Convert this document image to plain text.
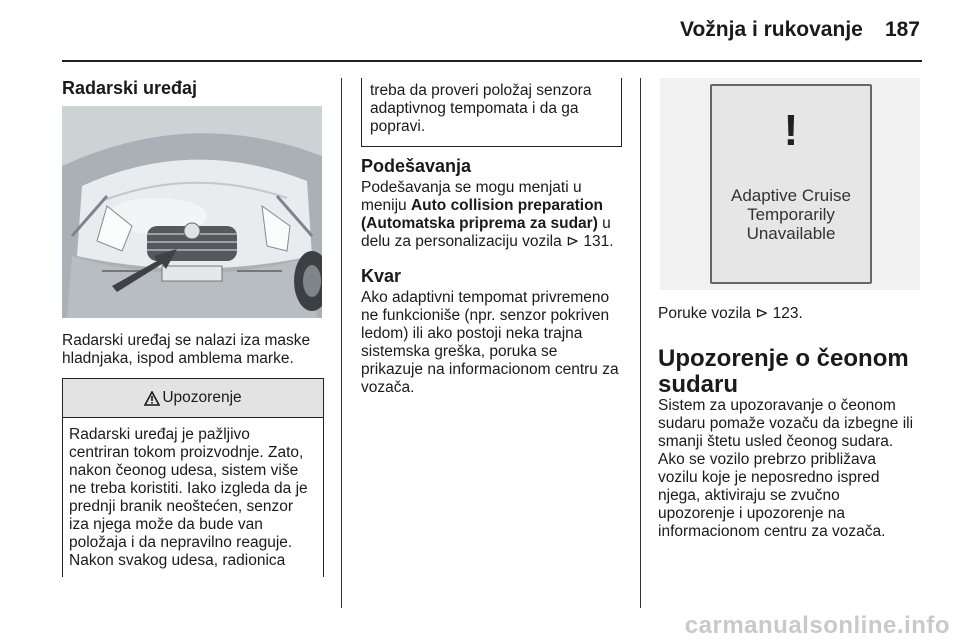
Vožnja i rukovanje	187
Radarski uređaj

Radarski uređaj se nalazi iza maske

hladnjaka, ispod amblema marke.

Upozorenje

Radarski uređaj je pažljivo

centriran tokom proizvodnje. Zato,

nakon čeonog udesa, sistem više

ne treba koristiti. Iako izgleda da je

prednji branik neoštećen, senzor

iza njega može da bude van

položaja i da nepravilno reaguje.

Nakon svakog udesa, radionica

treba da proveri položaj senzora

adaptivnog tempomata i da ga

popravi.

Podešavanja

Podešavanja se mogu menjati u

meniju Auto collision preparation

(Automatska priprema za sudar) u

delu za personalizaciju vozila ⊳ 131.

Kvar

Ako adaptivni tempomat privremeno

ne funkcioniše (npr. senzor pokriven

ledom) ili ako postoji neka trajna

sistemska greška, poruka se

prikazuje na informacionom centru za

vozača.

!
Adaptive Cruise
Temporarily
Unavailable

Poruke vozila ⊳ 123.

Upozorenje o čeonom

sudaru

Sistem za upozoravanje o čeonom

sudaru pomaže vozaču da izbegne ili

smanji štetu usled čeonog sudara.

Ako se vozilo prebrzo približava

vozilu koje je neposredno ispred

njega, aktiviraju se zvučno

upozorenje i upozorenje na

informacionom centru za vozača.

carmanualsonline.info
